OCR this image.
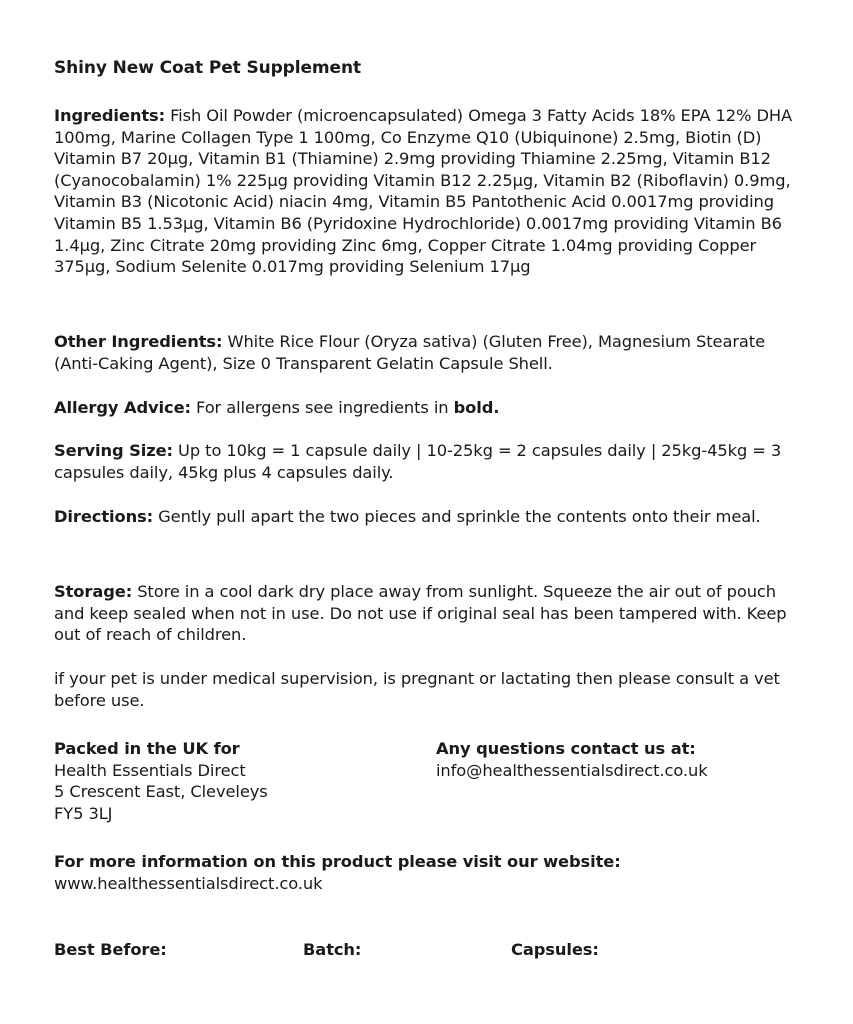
Shiny New Coat Pet Supplement

Ingredients: Fish Oil Powder (microencapsulated) Omega 3 Fatty Acids 18% EPA 12% DHA 100mg, Marine Collagen Type 1 100mg, Co Enzyme Q10 (Ubiquinone) 2.5mg, Biotin (D) Vitamin B7 20µg, Vitamin B1 (Thiamine) 2.9mg providing Thiamine 2.25mg, Vitamin B12 (Cyanocobalamin) 1% 225µg providing Vitamin B12 2.25µg, Vitamin B2 (Riboflavin) 0.9mg, Vitamin B3 (Nicotonic Acid) niacin 4mg, Vitamin B5 Pantothenic Acid 0.0017mg providing Vitamin B5 1.53µg, Vitamin B6 (Pyridoxine Hydrochloride) 0.0017mg providing Vitamin B6 1.4µg, Zinc Citrate 20mg providing Zinc 6mg, Copper Citrate 1.04mg providing Copper 375µg, Sodium Selenite 0.017mg providing Selenium 17µg

Other Ingredients: White Rice Flour (Oryza sativa) (Gluten Free), Magnesium Stearate (Anti-Caking Agent), Size 0 Transparent Gelatin Capsule Shell.

Allergy Advice: For allergens see ingredients in bold.

Serving Size: Up to 10kg = 1 capsule daily | 10-25kg = 2 capsules daily | 25kg-45kg = 3 capsules daily, 45kg plus 4 capsules daily.

Directions: Gently pull apart the two pieces and sprinkle the contents onto their meal.

Storage: Store in a cool dark dry place away from sunlight. Squeeze the air out of pouch and keep sealed when not in use. Do not use if original seal has been tampered with. Keep out of reach of children.

if your pet is under medical supervision, is pregnant or lactating then please consult a vet before use.

Packed in the UK for
Health Essentials Direct
5 Crescent East, Cleveleys
FY5 3LJ
Any questions contact us at:
info@healthessentialsdirect.co.uk
For more information on this product please visit our website:
www.healthessentialsdirect.co.uk
Best Before:	Batch:	Capsules:
